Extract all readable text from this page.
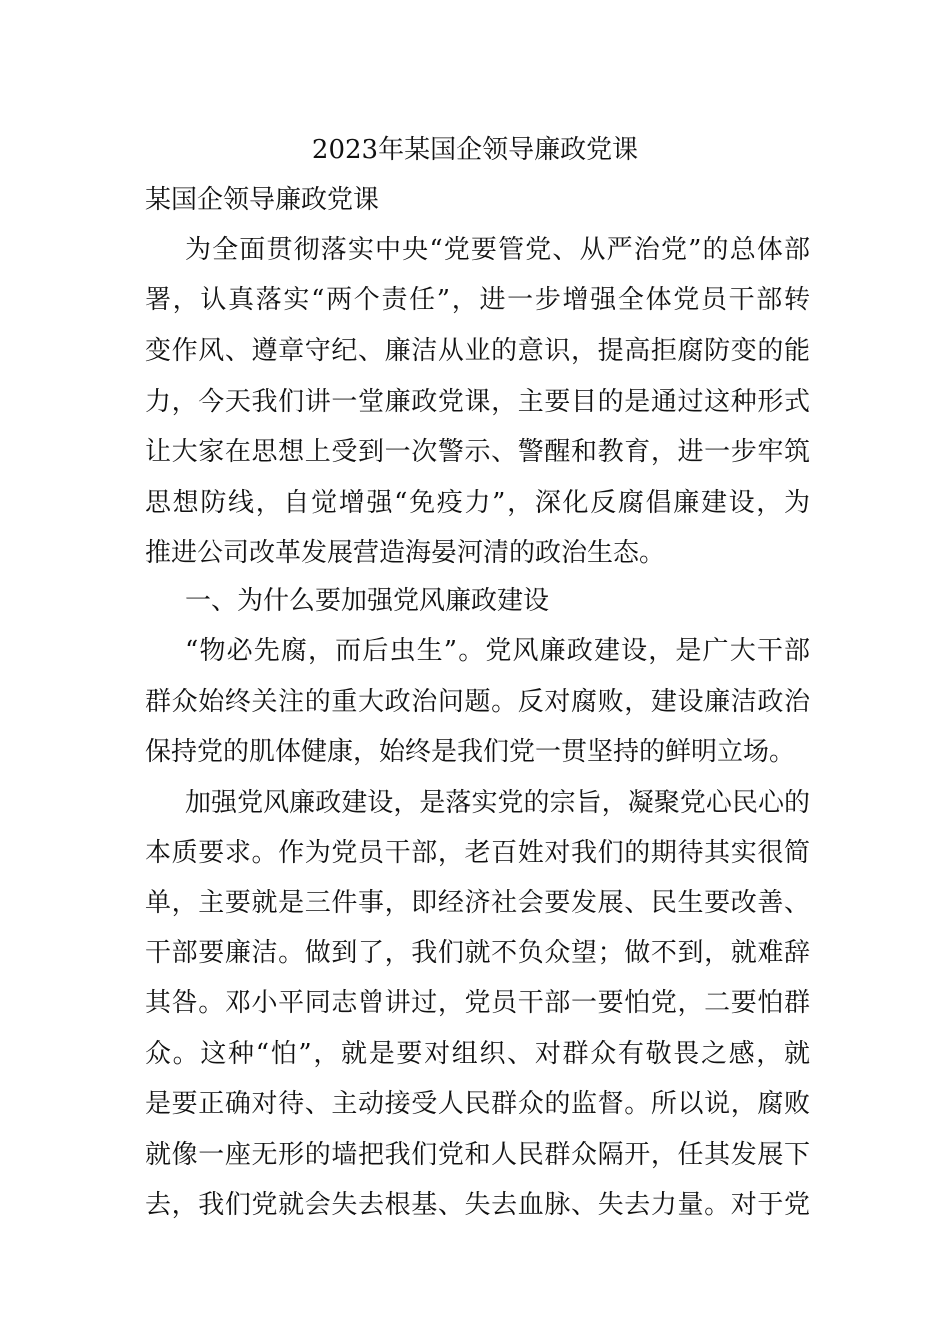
2023年某国企领导廉政党课
某国企领导廉政党课
为全面贯彻落实中央“党要管党、从严治党”的总体部
署，认真落实“两个责任”，进一步增强全体党员干部转
变作风、遵章守纪、廉洁从业的意识，提高拒腐防变的能
力，今天我们讲一堂廉政党课，主要目的是通过这种形式
让大家在思想上受到一次警示、警醒和教育，进一步牢筑
思想防线，自觉增强“免疫力”，深化反腐倡廉建设，为
推进公司改革发展营造海晏河清的政治生态。
一、为什么要加强党风廉政建设
“物必先腐，而后虫生”。党风廉政建设，是广大干部
群众始终关注的重大政治问题。反对腐败，建设廉洁政治
保持党的肌体健康，始终是我们党一贯坚持的鲜明立场。
加强党风廉政建设，是落实党的宗旨，凝聚党心民心的
本质要求。作为党员干部，老百姓对我们的期待其实很简
单，主要就是三件事，即经济社会要发展、民生要改善、
干部要廉洁。做到了，我们就不负众望；做不到，就难辞
其咎。邓小平同志曾讲过，党员干部一要怕党，二要怕群
众。这种“怕”，就是要对组织、对群众有敬畏之感，就
是要正确对待、主动接受人民群众的监督。所以说，腐败
就像一座无形的墙把我们党和人民群众隔开，任其发展下
去，我们党就会失去根基、失去血脉、失去力量。对于党
